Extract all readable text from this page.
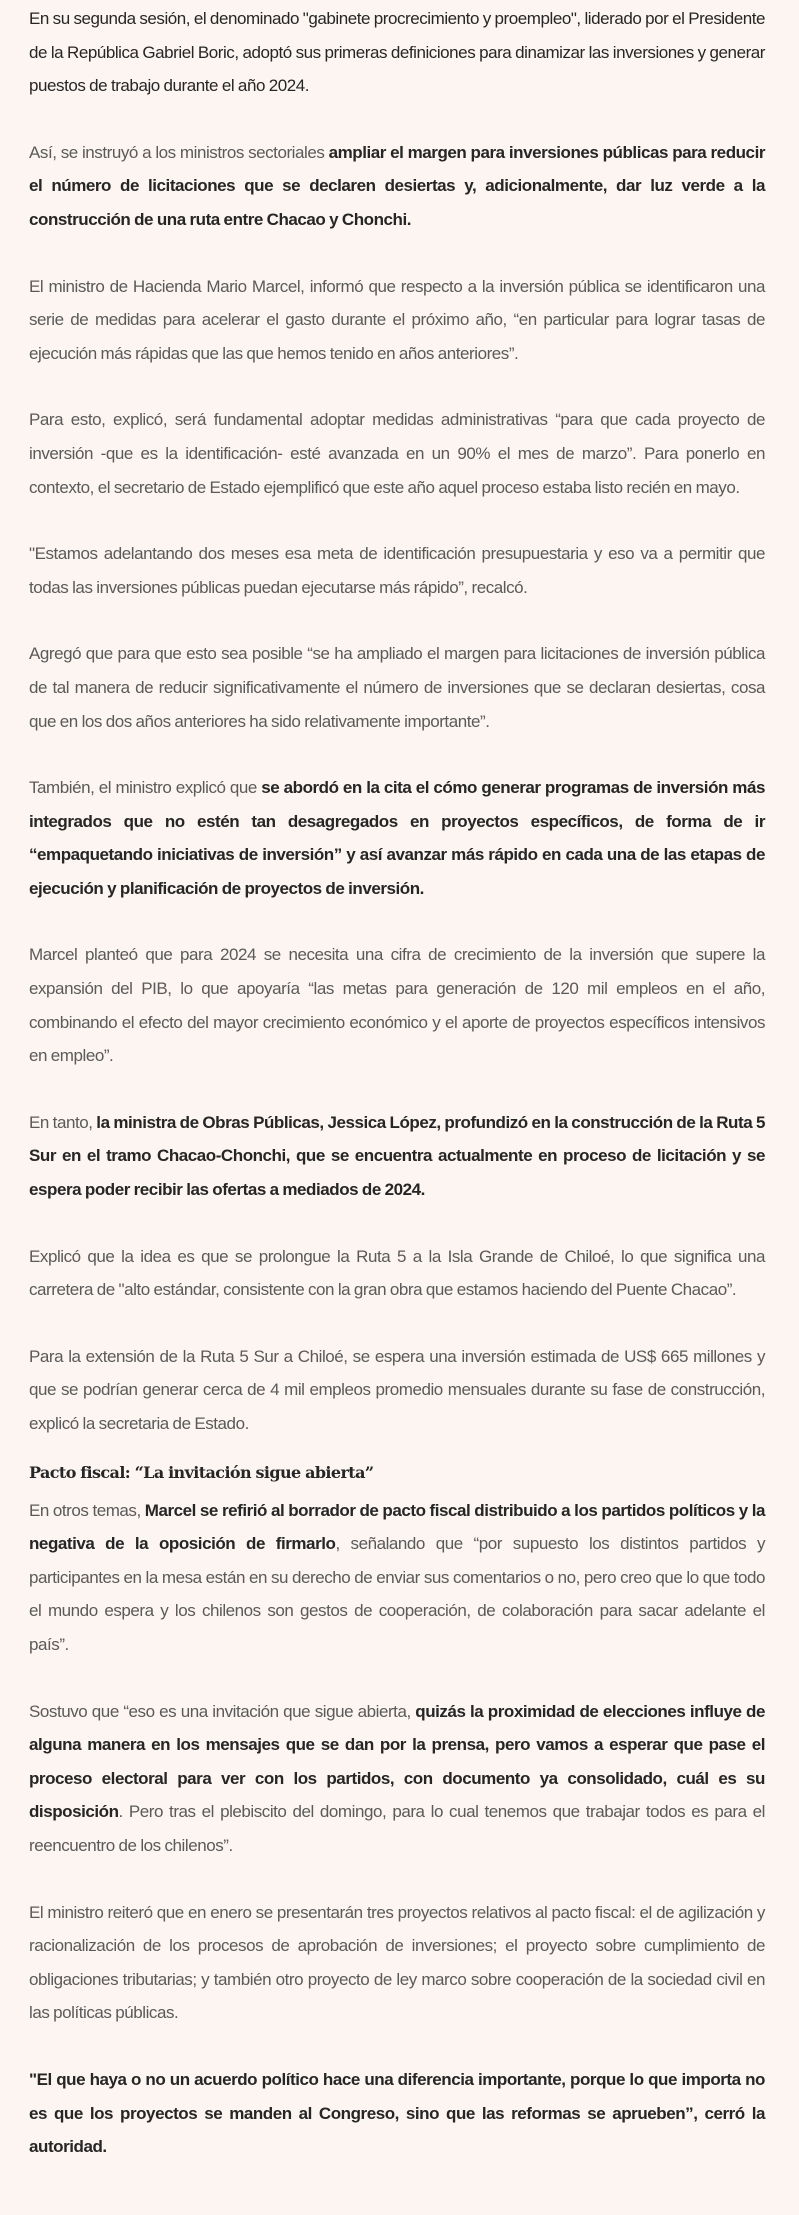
En su segunda sesión, el denominado "gabinete procrecimiento y proempleo", liderado por el Presidente de la República Gabriel Boric, adoptó sus primeras definiciones para dinamizar las inversiones y generar puestos de trabajo durante el año 2024.

Así, se instruyó a los ministros sectoriales ampliar el margen para inversiones públicas para reducir el número de licitaciones que se declaren desiertas y, adicionalmente, dar luz verde a la construcción de una ruta entre Chacao y Chonchi.

El ministro de Hacienda Mario Marcel, informó que respecto a la inversión pública se identificaron una serie de medidas para acelerar el gasto durante el próximo año, “en particular para lograr tasas de ejecución más rápidas que las que hemos tenido en años anteriores”.

Para esto, explicó, será fundamental adoptar medidas administrativas “para que cada proyecto de inversión -que es la identificación- esté avanzada en un 90% el mes de marzo”. Para ponerlo en contexto, el secretario de Estado ejemplificó que este año aquel proceso estaba listo recién en mayo.

"Estamos adelantando dos meses esa meta de identificación presupuestaria y eso va a permitir que todas las inversiones públicas puedan ejecutarse más rápido”, recalcó.

Agregó que para que esto sea posible “se ha ampliado el margen para licitaciones de inversión pública de tal manera de reducir significativamente el número de inversiones que se declaran desiertas, cosa que en los dos años anteriores ha sido relativamente importante”.

También, el ministro explicó que se abordó en la cita el cómo generar programas de inversión más integrados que no estén tan desagregados en proyectos específicos, de forma de ir “empaquetando iniciativas de inversión” y así avanzar más rápido en cada una de las etapas de ejecución y planificación de proyectos de inversión.

Marcel planteó que para 2024 se necesita una cifra de crecimiento de la inversión que supere la expansión del PIB, lo que apoyaría “las metas para generación de 120 mil empleos en el año, combinando el efecto del mayor crecimiento económico y el aporte de proyectos específicos intensivos en empleo”.

En tanto, la ministra de Obras Públicas, Jessica López, profundizó en la construcción de la Ruta 5 Sur en el tramo Chacao-Chonchi, que se encuentra actualmente en proceso de licitación y se espera poder recibir las ofertas a mediados de 2024.

Explicó que la idea es que se prolongue la Ruta 5 a la Isla Grande de Chiloé, lo que significa una carretera de "alto estándar, consistente con la gran obra que estamos haciendo del Puente Chacao”.

Para la extensión de la Ruta 5 Sur a Chiloé, se espera una inversión estimada de US$ 665 millones y que se podrían generar cerca de 4 mil empleos promedio mensuales durante su fase de construcción, explicó la secretaria de Estado.

Pacto fiscal: “La invitación sigue abierta”

En otros temas, Marcel se refirió al borrador de pacto fiscal distribuido a los partidos políticos y la negativa de la oposición de firmarlo, señalando que “por supuesto los distintos partidos y participantes en la mesa están en su derecho de enviar sus comentarios o no, pero creo que lo que todo el mundo espera y los chilenos son gestos de cooperación, de colaboración para sacar adelante el país”.

Sostuvo que “eso es una invitación que sigue abierta, quizás la proximidad de elecciones influye de alguna manera en los mensajes que se dan por la prensa, pero vamos a esperar que pase el proceso electoral para ver con los partidos, con documento ya consolidado, cuál es su disposición. Pero tras el plebiscito del domingo, para lo cual tenemos que trabajar todos es para el reencuentro de los chilenos”.

El ministro reiteró que en enero se presentarán tres proyectos relativos al pacto fiscal: el de agilización y racionalización de los procesos de aprobación de inversiones; el proyecto sobre cumplimiento de obligaciones tributarias; y también otro proyecto de ley marco sobre cooperación de la sociedad civil en las políticas públicas.

"El que haya o no un acuerdo político hace una diferencia importante, porque lo que importa no es que los proyectos se manden al Congreso, sino que las reformas se aprueben”, cerró la autoridad.
